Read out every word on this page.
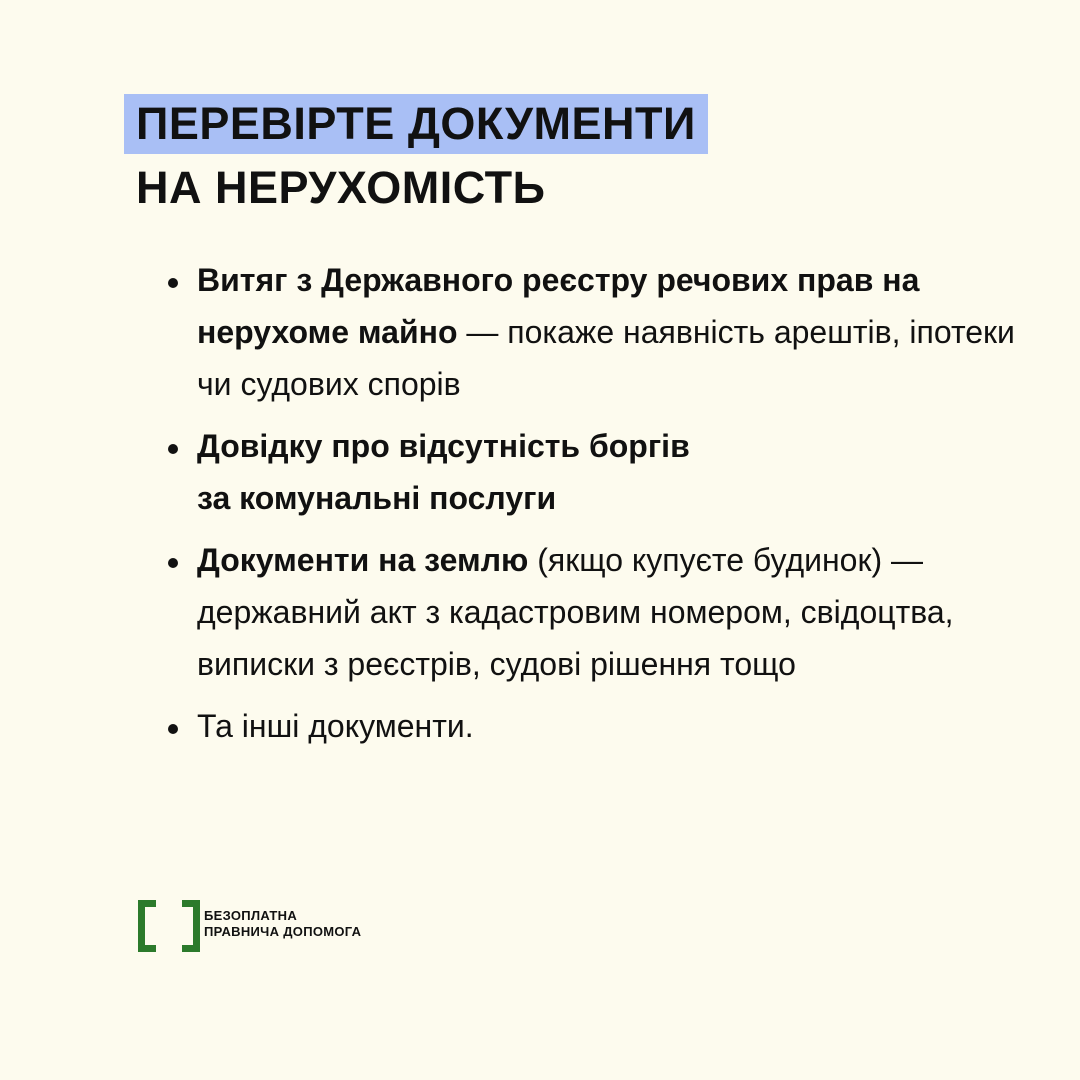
ПЕРЕВІРТЕ ДОКУМЕНТИ
НА НЕРУХОМІСТЬ
Витяг з Державного реєстру речових прав на нерухоме майно — покаже наявність арештів, іпотеки чи судових спорів
Довідку про відсутність боргів
за комунальні послуги
Документи на землю (якщо купуєте будинок) — державний акт з кадастровим номером, свідоцтва, виписки з реєстрів, судові рішення тощо
Та інші документи.
БЕЗОПЛАТНА
ПРАВНИЧА ДОПОМОГА
